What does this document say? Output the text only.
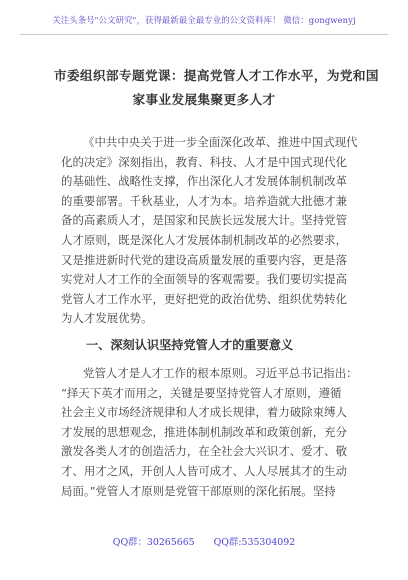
关注头条号"公文研究"，获得最新最全最专业的公文资料库！ 微信：gongwenyj
市委组织部专题党课：提高党管人才工作水平，为党和国
家事业发展集聚更多人才
《中共中央关于进一步全面深化改革、推进中国式现代
化的决定》深刻指出，教育、科技、人才是中国式现代化
的基础性、战略性支撑，作出深化人才发展体制机制改革
的重要部署。千秋基业，人才为本。培养造就大批德才兼
备的高素质人才，是国家和民族长远发展大计。坚持党管
人才原则，既是深化人才发展体制机制改革的必然要求，
又是推进新时代党的建设高质量发展的重要内容，更是落
实党对人才工作的全面领导的客观需要。我们要切实提高
党管人才工作水平，更好把党的政治优势、组织优势转化
为人才发展优势。
一、深刻认识坚持党管人才的重要意义
党管人才是人才工作的根本原则。习近平总书记指出：
“择天下英才而用之，关键是要坚持党管人才原则，遵循
社会主义市场经济规律和人才成长规律，着力破除束缚人
才发展的思想观念，推进体制机制改革和政策创新，充分
激发各类人才的创造活力，在全社会大兴识才、爱才、敬
才、用才之风，开创人人皆可成才、人人尽展其才的生动
局面。”党管人才原则是党管干部原则的深化拓展。坚持
QQ群：30265665 QQ群:535304092
